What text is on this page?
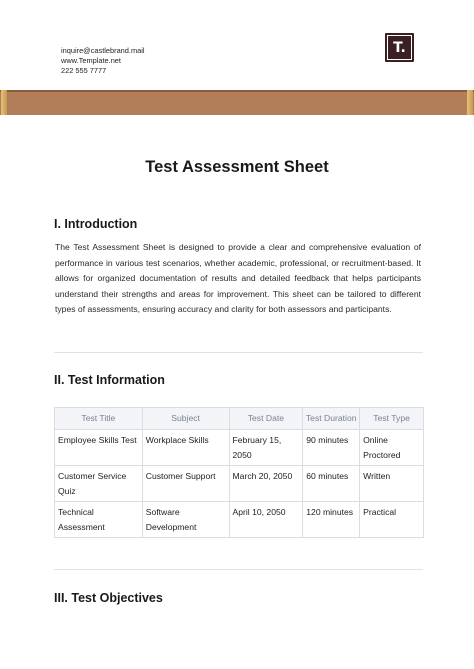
inquire@castlebrand.mail
www.Template.net
222 555 7777
T.
Test Assessment Sheet
I. Introduction
The Test Assessment Sheet is designed to provide a clear and comprehensive evaluation of performance in various test scenarios, whether academic, professional, or recruitment-based. It allows for organized documentation of results and detailed feedback that helps participants understand their strengths and areas for improvement. This sheet can be tailored to different types of assessments, ensuring accuracy and clarity for both assessors and participants.
II. Test Information
Test Title	Subject	Test Date	Test Duration	Test Type
Employee Skills Test	Workplace Skills	February 15, 2050	90 minutes	Online Proctored
Customer Service Quiz	Customer Support	March 20, 2050	60 minutes	Written
Technical Assessment	Software Development	April 10, 2050	120 minutes	Practical
III. Test Objectives
